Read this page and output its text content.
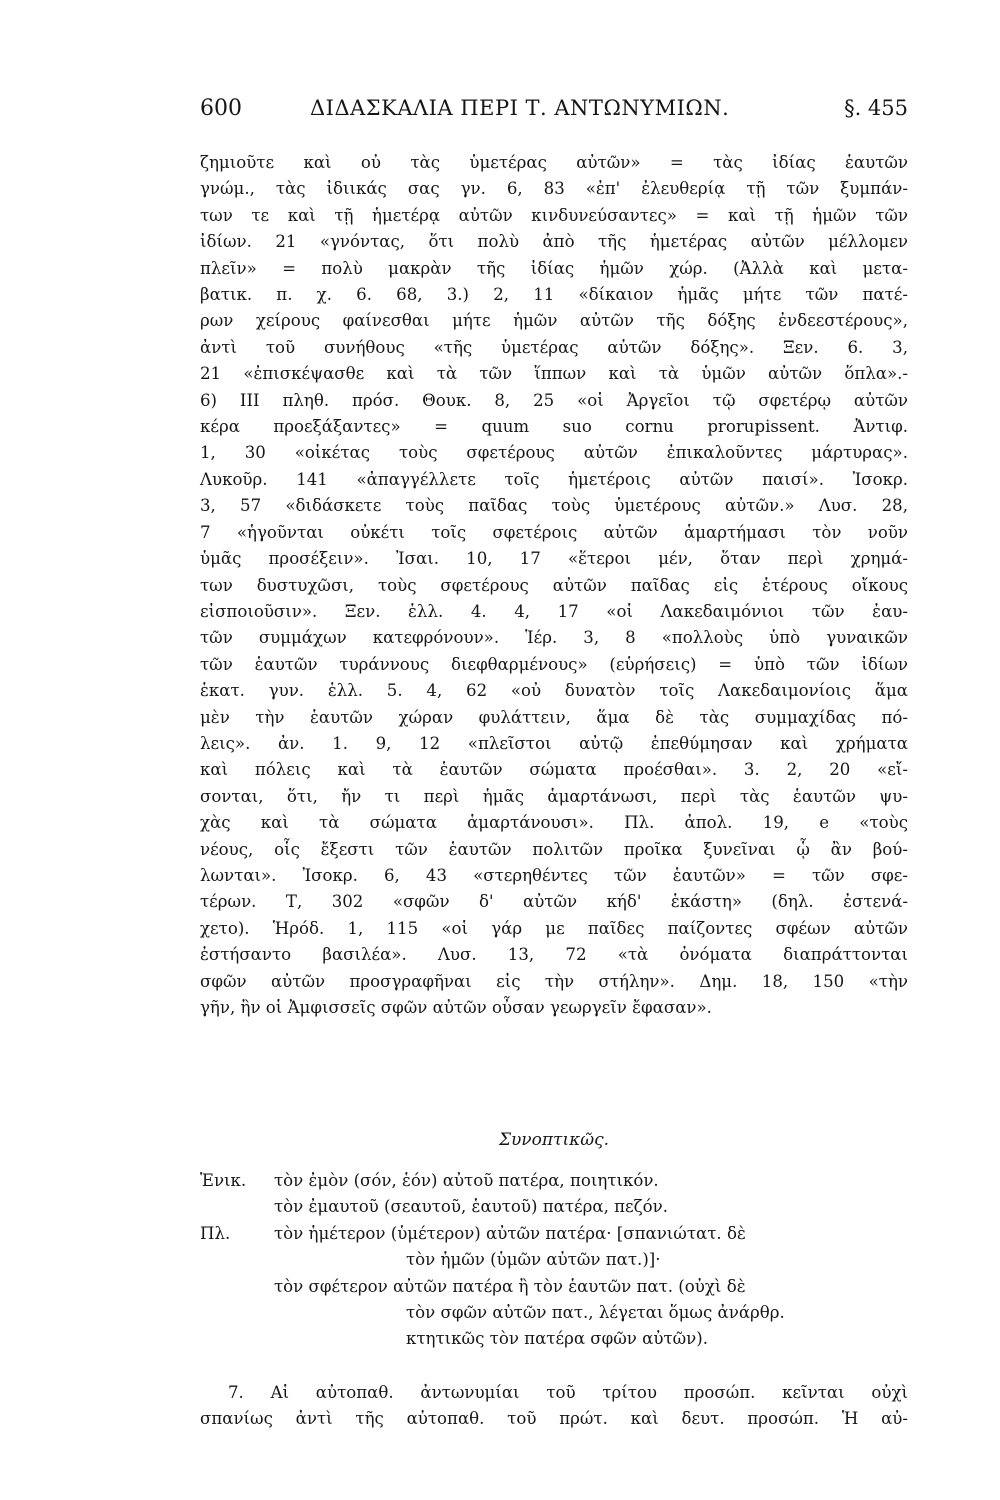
600	ΔΙΔΑΣΚΑΛΙΑ ΠΕΡΙ Τ. ΑΝΤΩΝΥΜΙΩΝ.	§. 455
ζημιοῦτε καὶ οὐ τὰς ὑμετέρας αὐτῶν» = τὰς ἰδίας ἑαυτῶν
γνώμ., τὰς ἰδιικάς σας γν. 6, 83 «ἐπ' ἐλευθερίᾳ τῇ τῶν ξυμπάν-
των τε καὶ τῇ ἡμετέρᾳ αὐτῶν κινδυνεύσαντες» = καὶ τῇ ἡμῶν τῶν
ἰδίων. 21 «γνόντας, ὅτι πολὺ ἀπὸ τῆς ἡμετέρας αὐτῶν μέλλομεν
πλεῖν» = πολὺ μακρὰν τῆς ἰδίας ἡμῶν χώρ. (Ἀλλὰ καὶ μετα-
βατικ. π. χ. 6. 68, 3.) 2, 11 «δίκαιον ἡμᾶς μήτε τῶν πατέ-
ρων χείρους φαίνεσθαι μήτε ἡμῶν αὐτῶν τῆς δόξης ἐνδεεστέρους»,
ἀντὶ τοῦ συνήθους «τῆς ὑμετέρας αὐτῶν δόξης». Ξεν. 6. 3,
21 «ἐπισκέψασθε καὶ τὰ τῶν ἵππων καὶ τὰ ὑμῶν αὐτῶν ὅπλα».-
6) III πληθ. πρόσ. Θουκ. 8, 25 «οἱ Ἀργεῖοι τῷ σφετέρῳ αὐτῶν
κέρα προεξάξαντες» = quum suo cornu prorupissent. Ἀντιφ.
1, 30 «οἰκέτας τοὺς σφετέρους αὐτῶν ἐπικαλοῦντες μάρτυρας».
Λυκοῦρ. 141 «ἀπαγγέλλετε τοῖς ἡμετέροις αὐτῶν παισί». Ἰσοκρ.
3, 57 «διδάσκετε τοὺς παῖδας τοὺς ὑμετέρους αὐτῶν.» Λυσ. 28,
7 «ἡγοῦνται οὐκέτι τοῖς σφετέροις αὐτῶν ἁμαρτήμασι τὸν νοῦν
ὑμᾶς προσέξειν». Ἰσαι. 10, 17 «ἕτεροι μέν, ὅταν περὶ χρημά-
των δυστυχῶσι, τοὺς σφετέρους αὐτῶν παῖδας εἰς ἑτέρους οἴκους
εἰσποιοῦσιν». Ξεν. ἑλλ. 4. 4, 17 «οἱ Λακεδαιμόνιοι τῶν ἑαυ-
τῶν συμμάχων κατεφρόνουν». Ἱέρ. 3, 8 «πολλοὺς ὑπὸ γυναικῶν
τῶν ἑαυτῶν τυράννους διεφθαρμένους» (εὑρήσεις) = ὑπὸ τῶν ἰδίων
ἑκατ. γυν. ἑλλ. 5. 4, 62 «οὐ δυνατὸν τοῖς Λακεδαιμονίοις ἅμα
μὲν τὴν ἑαυτῶν χώραν φυλάττειν, ἅμα δὲ τὰς συμμαχίδας πό-
λεις». ἀν. 1. 9, 12 «πλεῖστοι αὐτῷ ἐπεθύμησαν καὶ χρήματα
καὶ πόλεις καὶ τὰ ἑαυτῶν σώματα προέσθαι». 3. 2, 20 «εἴ-
σονται, ὅτι, ἤν τι περὶ ἡμᾶς ἁμαρτάνωσι, περὶ τὰς ἑαυτῶν ψυ-
χὰς καὶ τὰ σώματα ἁμαρτάνουσι». Πλ. ἀπολ. 19, e «τοὺς
νέους, οἷς ἔξεστι τῶν ἑαυτῶν πολιτῶν προῖκα ξυνεῖναι ᾧ ἂν βού-
λωνται». Ἰσοκρ. 6, 43 «στερηθέντες τῶν ἑαυτῶν» = τῶν σφε-
τέρων. Τ, 302 «σφῶν δ' αὐτῶν κήδ' ἑκάστη» (δηλ. ἐστενά-
χετο). Ἡρόδ. 1, 115 «οἱ γάρ με παῖδες παίζοντες σφέων αὐτῶν
ἐστήσαντο βασιλέα». Λυσ. 13, 72 «τὰ ὀνόματα διαπράττονται
σφῶν αὐτῶν προσγραφῆναι εἰς τὴν στήλην». Δημ. 18, 150 «τὴν
γῆν, ἣν οἱ Ἀμφισσεῖς σφῶν αὐτῶν οὖσαν γεωργεῖν ἔφασαν».
Συνοπτικῶς.
Ἑνικ. τὸν ἐμὸν (σόν, ἑόν) αὐτοῦ πατέρα, ποιητικόν.
τὸν ἐμαυτοῦ (σεαυτοῦ, ἑαυτοῦ) πατέρα, πεζόν.
Πλ.	τὸν ἡμέτερον (ὑμέτερον) αὐτῶν πατέρα· [σπανιώτατ. δὲ
τὸν ἡμῶν (ὑμῶν αὐτῶν πατ.)]·
τὸν σφέτερον αὐτῶν πατέρα ἢ τὸν ἑαυτῶν πατ. (οὐχὶ δὲ
τὸν σφῶν αὐτῶν πατ., λέγεται ὅμως ἀνάρθρ.
κτητικῶς τὸν πατέρα σφῶν αὐτῶν).
7. Αἱ αὐτοπαθ. ἀντωνυμίαι τοῦ τρίτου προσώπ. κεῖνται οὐχὶ
σπανίως ἀντὶ τῆς αὐτοπαθ. τοῦ πρώτ. καὶ δευτ. προσώπ. Ἡ αὐ-
